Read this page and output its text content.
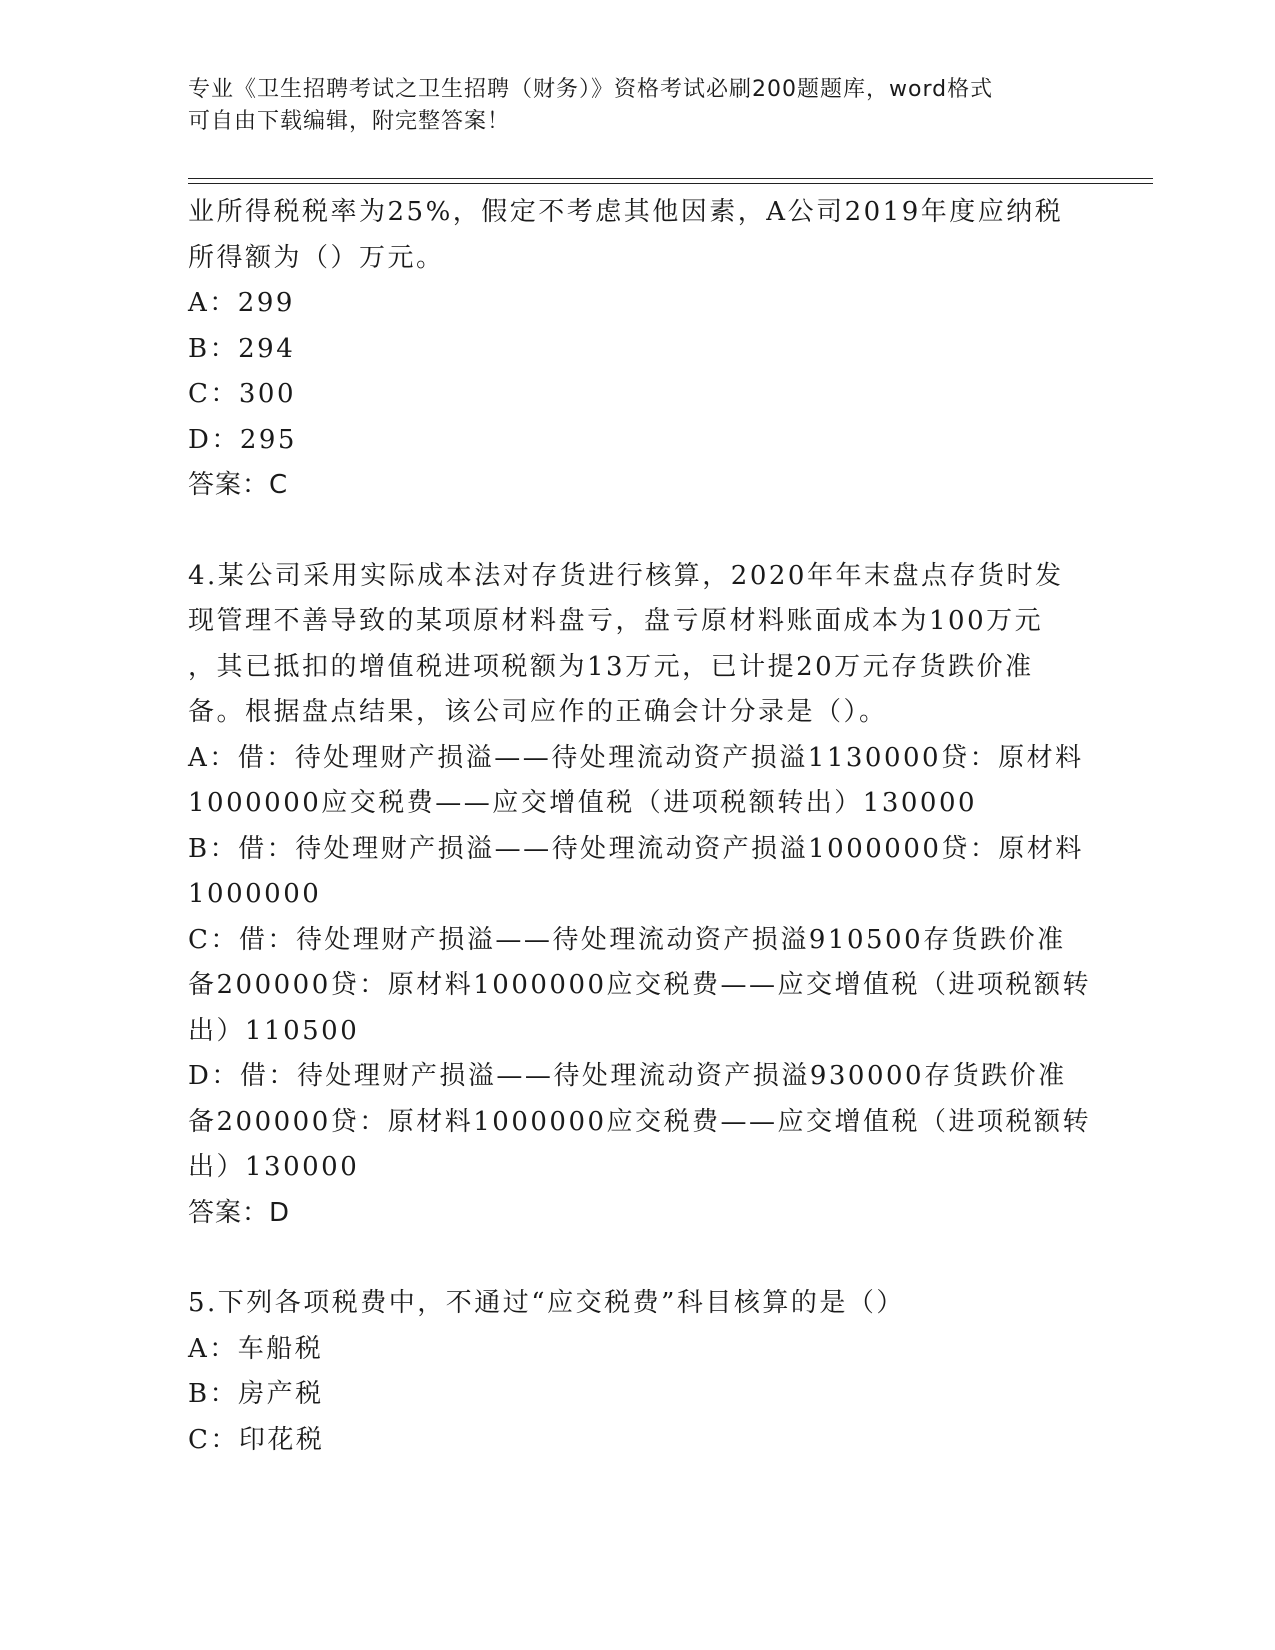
专业《卫生招聘考试之卫生招聘（财务）》资格考试必刷200题题库，word格式
可自由下载编辑，附完整答案！

业所得税税率为25%，假定不考虑其他因素，A公司2019年度应纳税

所得额为（）万元。

A：299

B：294

C：300

D：295

答案：C

4.某公司采用实际成本法对存货进行核算，2020年年末盘点存货时发

现管理不善导致的某项原材料盘亏，盘亏原材料账面成本为100万元

，其已抵扣的增值税进项税额为13万元，已计提20万元存货跌价准

备。根据盘点结果，该公司应作的正确会计分录是（）。

A：借：待处理财产损溢——待处理流动资产损溢1130000贷：原材料

1000000应交税费——应交增值税（进项税额转出）130000

B：借：待处理财产损溢——待处理流动资产损溢1000000贷：原材料

1000000

C：借：待处理财产损溢——待处理流动资产损溢910500存货跌价准

备200000贷：原材料1000000应交税费——应交增值税（进项税额转

出）110500

D：借：待处理财产损溢——待处理流动资产损溢930000存货跌价准

备200000贷：原材料1000000应交税费——应交增值税（进项税额转

出）130000

答案：D

5.下列各项税费中，不通过“应交税费”科目核算的是（）

A：车船税

B：房产税

C：印花税
